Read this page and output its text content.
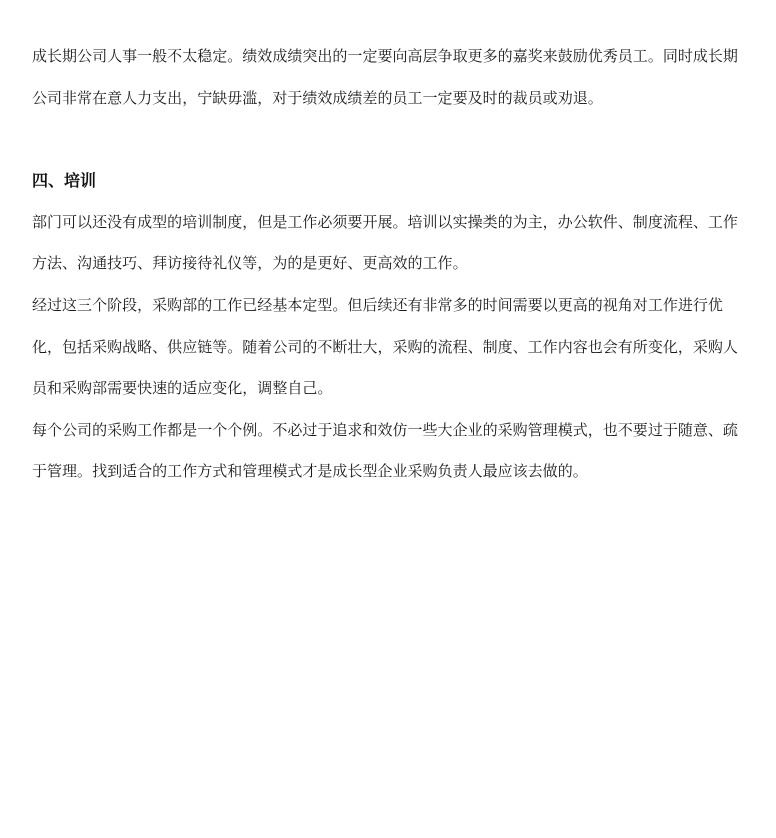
成长期公司人事一般不太稳定。绩效成绩突出的一定要向高层争取更多的嘉奖来鼓励优秀员工。同时成长期公司非常在意人力支出，宁缺毋滥，对于绩效成绩差的员工一定要及时的裁员或劝退。

四、培训

部门可以还没有成型的培训制度，但是工作必须要开展。培训以实操类的为主，办公软件、制度流程、工作方法、沟通技巧、拜访接待礼仪等，为的是更好、更高效的工作。

经过这三个阶段，采购部的工作已经基本定型。但后续还有非常多的时间需要以更高的视角对工作进行优化，包括采购战略、供应链等。随着公司的不断壮大，采购的流程、制度、工作内容也会有所变化，采购人员和采购部需要快速的适应变化，调整自己。

每个公司的采购工作都是一个个例。不必过于追求和效仿一些大企业的采购管理模式，也不要过于随意、疏于管理。找到适合的工作方式和管理模式才是成长型企业采购负责人最应该去做的。
